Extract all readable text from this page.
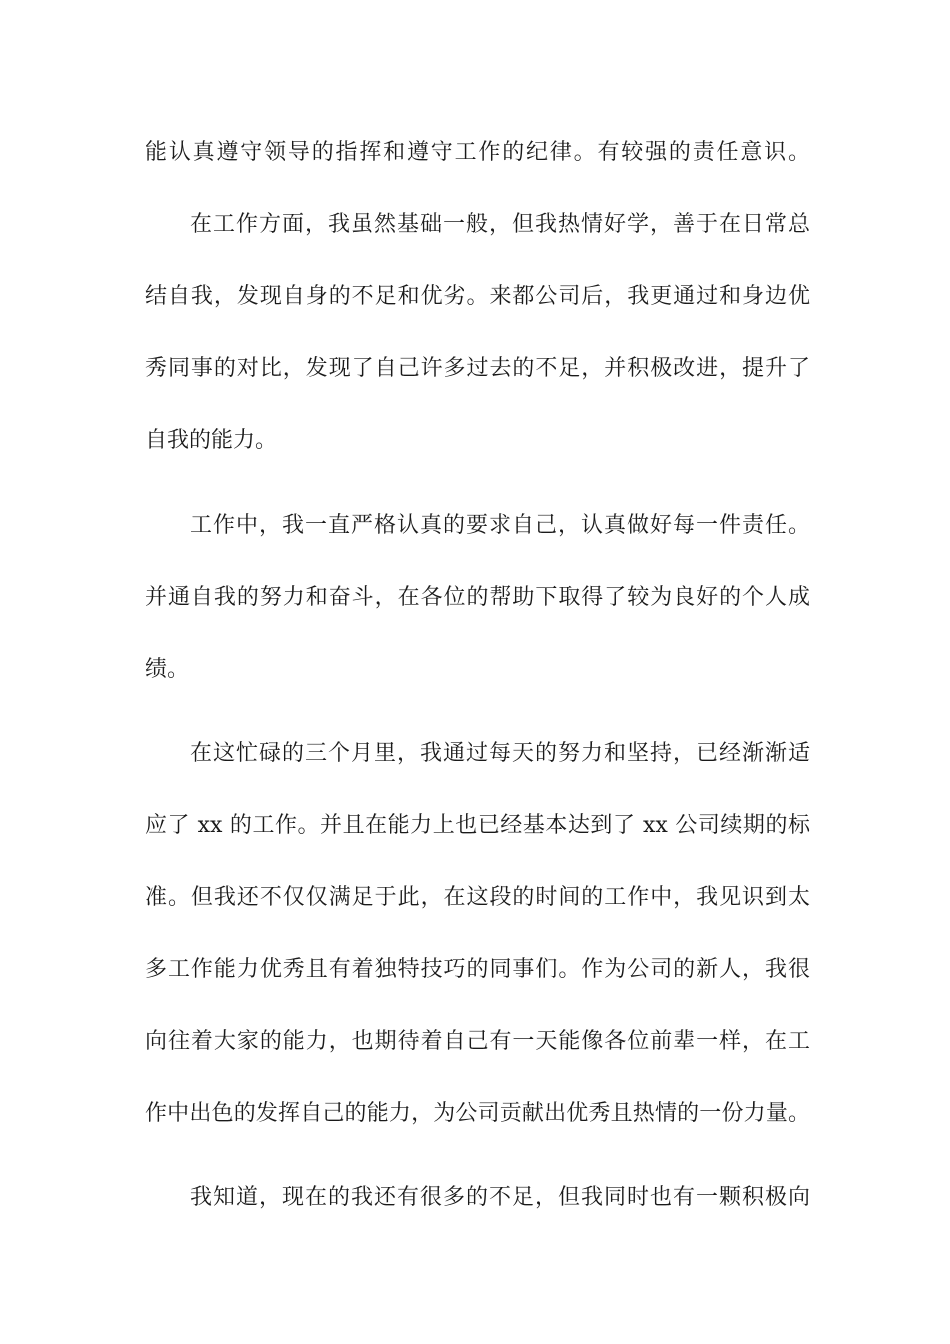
能认真遵守领导的指挥和遵守工作的纪律。有较强的责任意识。

在工作方面，我虽然基础一般，但我热情好学，善于在日常总

结自我，发现自身的不足和优劣。来都公司后，我更通过和身边优

秀同事的对比，发现了自己许多过去的不足，并积极改进，提升了

自我的能力。

工作中，我一直严格认真的要求自己，认真做好每一件责任。

并通自我的努力和奋斗，在各位的帮助下取得了较为良好的个人成

绩。

在这忙碌的三个月里，我通过每天的努力和坚持，已经渐渐适

应了 xx 的工作。并且在能力上也已经基本达到了 xx 公司续期的标

准。但我还不仅仅满足于此，在这段的时间的工作中，我见识到太

多工作能力优秀且有着独特技巧的同事们。作为公司的新人，我很

向往着大家的能力，也期待着自己有一天能像各位前辈一样，在工

作中出色的发挥自己的能力，为公司贡献出优秀且热情的一份力量。

我知道，现在的我还有很多的不足，但我同时也有一颗积极向
